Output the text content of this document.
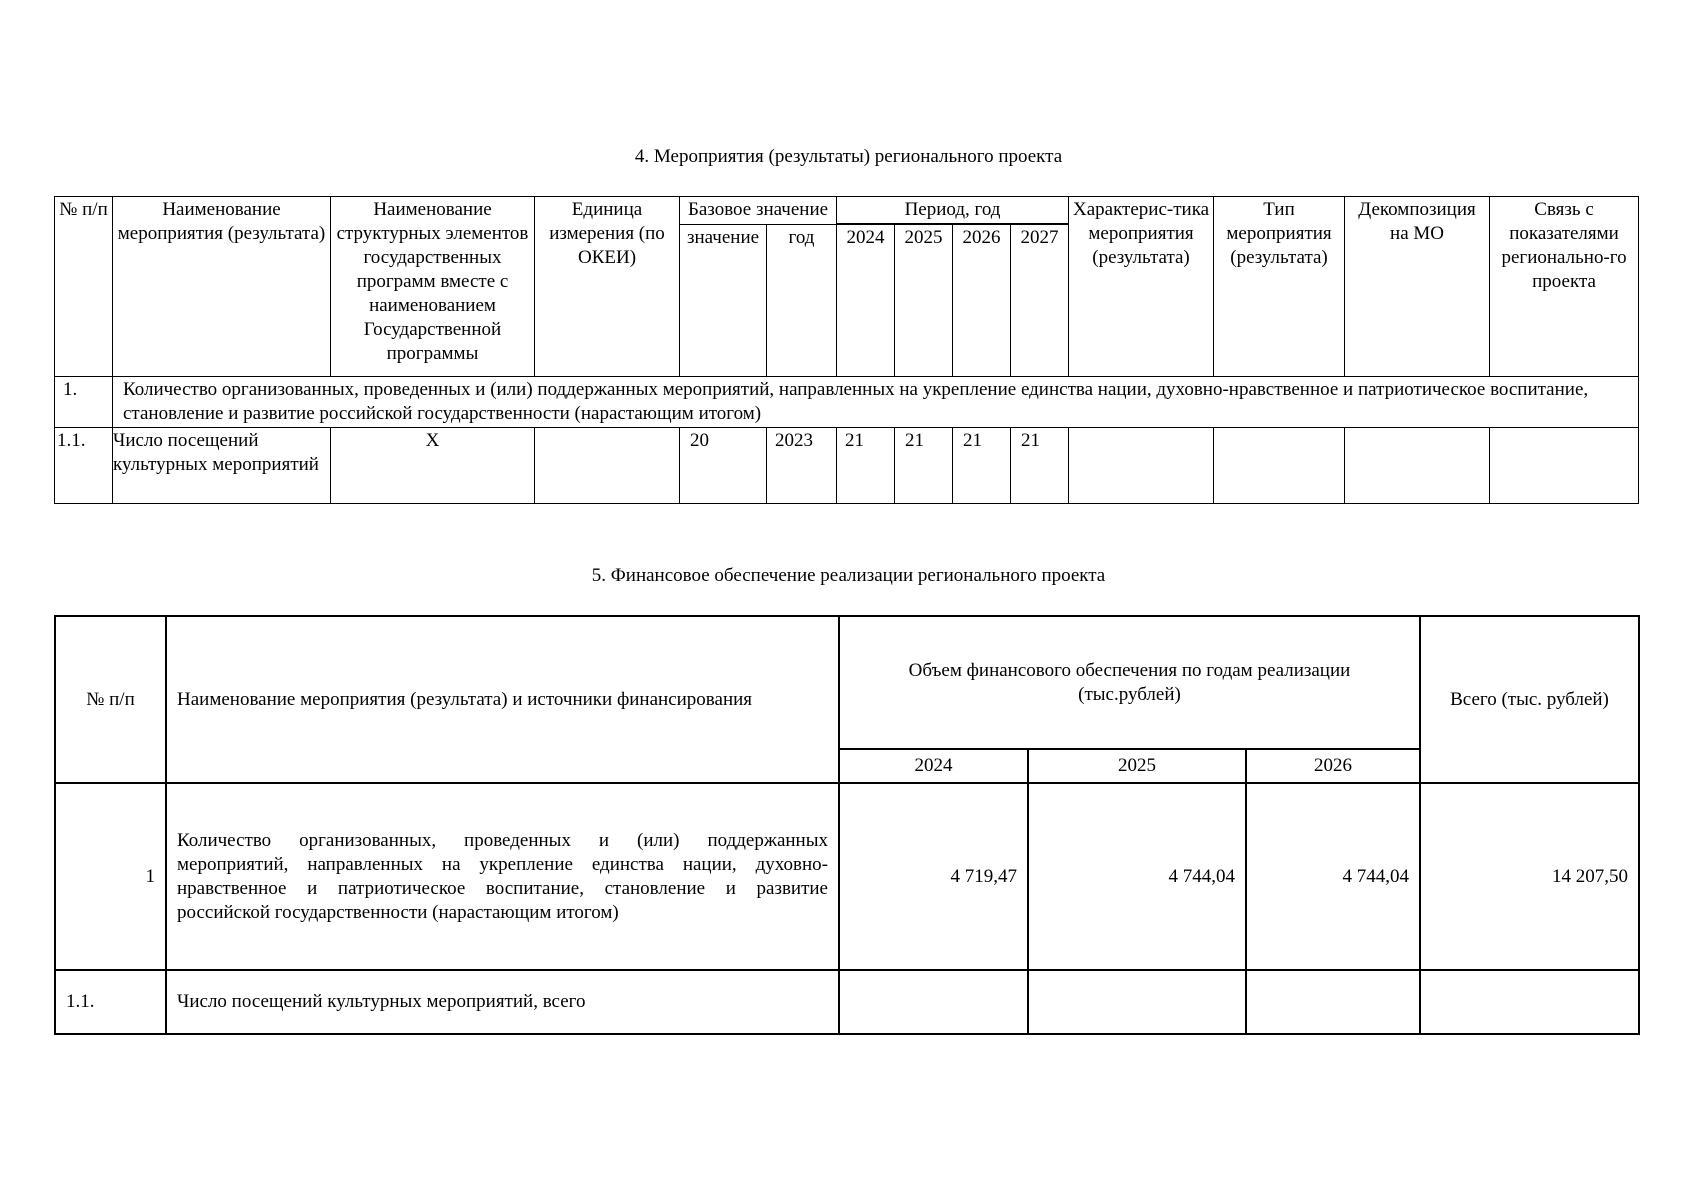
4. Мероприятия (результаты) регионального проекта
№ п/п	Наименование мероприятия (результата)	Наименование структурных элементов государственных программ вместе с наименованием Государственной программы	Единица измерения (по ОКЕИ)	Базовое значение		Период, год				Характерис-тика мероприятия (результата)	Тип мероприятия (результата)	Декомпозиция на МО	Связь с показателями регионально-го проекта

				значение	год	2024	2025	2026	2027				
1.	Количество организованных, проведенных и (или) поддержанных мероприятий, направленных на укрепление единства нации, духовно-нравственное и патриотическое воспитание, становление и развитие российской государственности (нарастающим итогом)												
1.1.	Число посещений культурных мероприятий	X		20	2023	21	21	21	21				
5. Финансовое обеспечение реализации регионального проекта
№ п/п	Наименование мероприятия (результата) и источники финансирования	Объем финансового обеспечения по годам реализации (тыс.рублей)			Всего (тыс. рублей)
		2024	2025	2026	
1	Количество организованных, проведенных и (или) поддержанных мероприятий, направленных на укрепление единства нации, духовно-нравственное и патриотическое воспитание, становление и развитие российской государственности (нарастающим итогом)	4 719,47	4 744,04	4 744,04	14 207,50
1.1.	Число посещений культурных мероприятий, всего				
